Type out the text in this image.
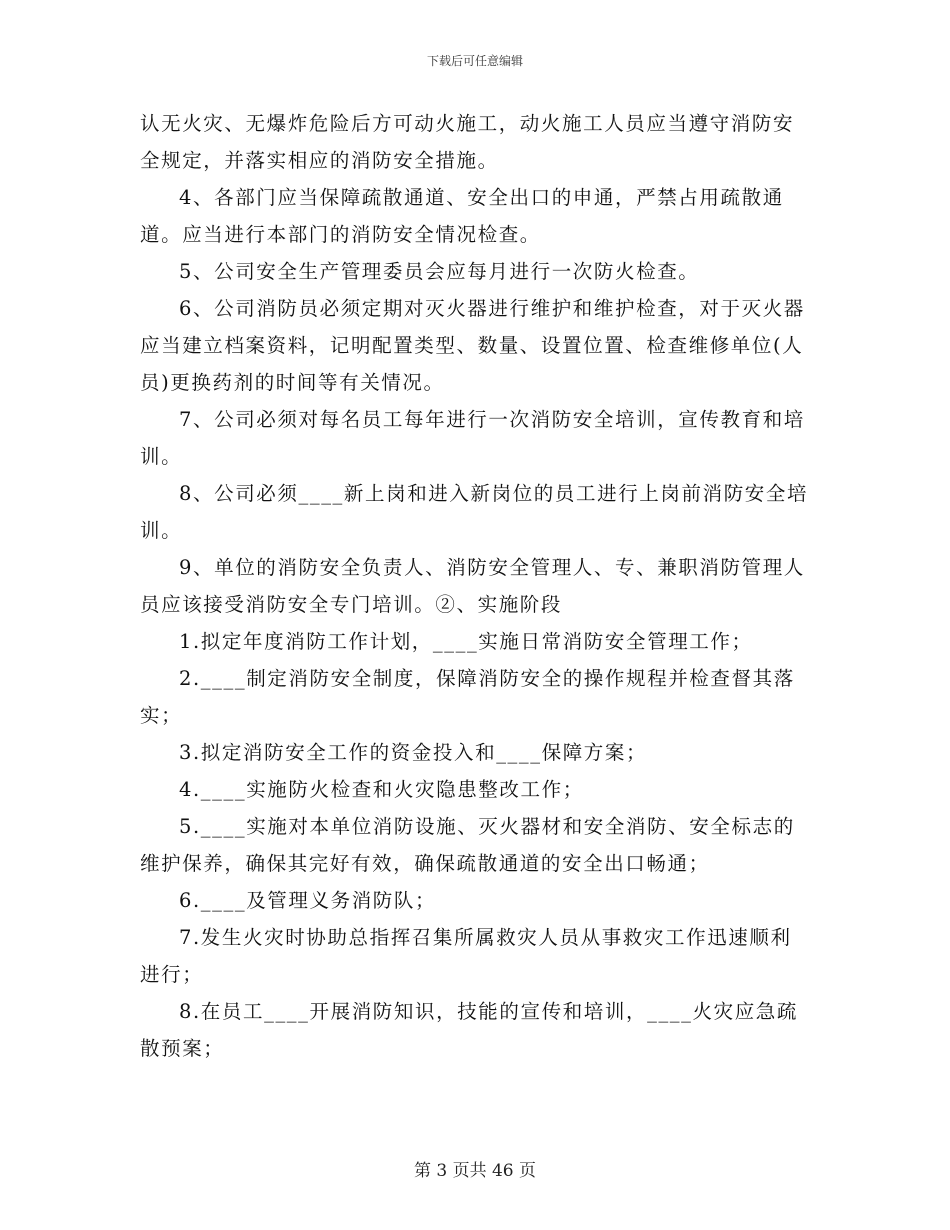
下载后可任意编辑

认无火灾、无爆炸危险后方可动火施工，动火施工人员应当遵守消防安全规定，并落实相应的消防安全措施。

4、各部门应当保障疏散通道、安全出口的申通，严禁占用疏散通道。应当进行本部门的消防安全情况检查。

5、公司安全生产管理委员会应每月进行一次防火检查。

6、公司消防员必须定期对灭火器进行维护和维护检查，对于灭火器应当建立档案资料，记明配置类型、数量、设置位置、检查维修单位(人员)更换药剂的时间等有关情况。

7、公司必须对每名员工每年进行一次消防安全培训，宣传教育和培训。

8、公司必须____新上岗和进入新岗位的员工进行上岗前消防安全培训。

9、单位的消防安全负责人、消防安全管理人、专、兼职消防管理人员应该接受消防安全专门培训。②、实施阶段

1.拟定年度消防工作计划，____实施日常消防安全管理工作；

2.____制定消防安全制度，保障消防安全的操作规程并检查督其落实；

3.拟定消防安全工作的资金投入和____保障方案；

4.____实施防火检查和火灾隐患整改工作；

5.____实施对本单位消防设施、灭火器材和安全消防、安全标志的维护保养，确保其完好有效，确保疏散通道的安全出口畅通；

6.____及管理义务消防队；

7.发生火灾时协助总指挥召集所属救灾人员从事救灾工作迅速顺利进行；

8.在员工____开展消防知识，技能的宣传和培训，____火灾应急疏散预案；

第 3 页共 46 页
